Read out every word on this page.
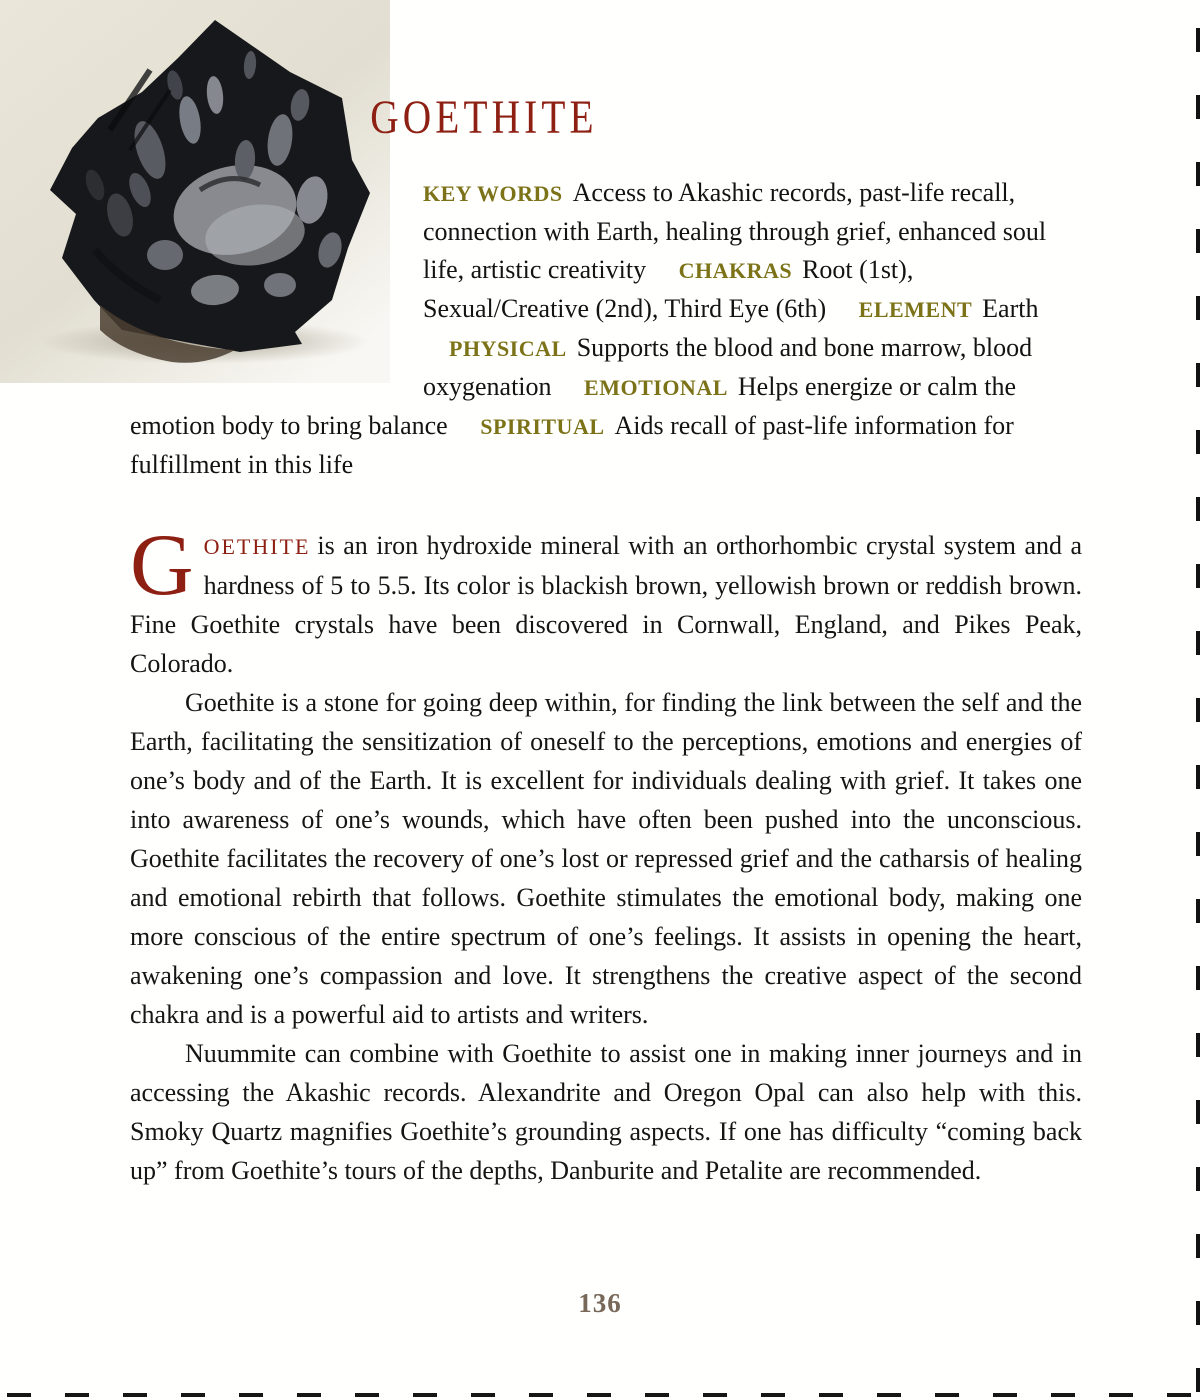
GOETHITE

KEY WORDS Access to Akashic records, past-life recall, connection with Earth, healing through grief, enhanced soul life, artistic creativity CHAKRAS Root (1st), Sexual/Creative (2nd), Third Eye (6th) ELEMENT Earth PHYSICAL Supports the blood and bone marrow, blood oxygenation EMOTIONAL Helps energize or calm the emotion body to bring balance SPIRITUAL Aids recall of past-life information for fulfillment in this life

GOETHITE is an iron hydroxide mineral with an orthorhombic crystal system and a hardness of 5 to 5.5. Its color is blackish brown, yellowish brown or reddish brown. Fine Goethite crystals have been discovered in Cornwall, England, and Pikes Peak, Colorado.

Goethite is a stone for going deep within, for finding the link between the self and the Earth, facilitating the sensitization of oneself to the perceptions, emotions and energies of one’s body and of the Earth. It is excellent for individuals dealing with grief. It takes one into awareness of one’s wounds, which have often been pushed into the unconscious. Goethite facilitates the recovery of one’s lost or repressed grief and the catharsis of healing and emotional rebirth that follows. Goethite stimulates the emotional body, making one more conscious of the entire spectrum of one’s feelings. It assists in opening the heart, awakening one’s compassion and love. It strengthens the creative aspect of the second chakra and is a powerful aid to artists and writers.

Nuummite can combine with Goethite to assist one in making inner journeys and in accessing the Akashic records. Alexandrite and Oregon Opal can also help with this. Smoky Quartz magnifies Goethite’s grounding aspects. If one has difficulty “coming back up” from Goethite’s tours of the depths, Danburite and Petalite are recommended.

136
